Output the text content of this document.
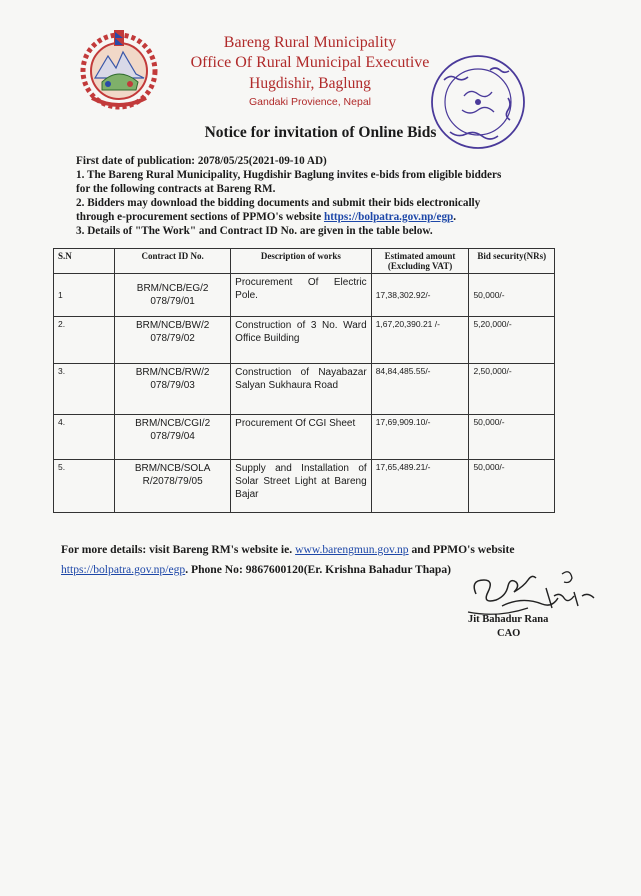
Bareng Rural Municipality
Office Of Rural Municipal Executive
Hugdishir, Baglung
Gandaki Provience, Nepal
Notice for invitation of Online Bids
First date of publication: 2078/05/25(2021-09-10 AD)
1. The Bareng Rural Municipality, Hugdishir Baglung invites e-bids from eligible bidders
for the following contracts at Bareng RM.
2. Bidders may download the bidding documents and submit their bids electronically
through e-procurement sections of PPMO's website https://bolpatra.gov.np/egp.
3. Details of "The Work" and Contract ID No. are given in the table below.
S.N	Contract ID No.	Description of works	Estimated amount (Excluding VAT)	Bid security(NRs)
1	BRM/NCB/EG/2 078/79/01	Procurement Of Electric Pole.	17,38,302.92/-	50,000/-
2.	BRM/NCB/BW/2 078/79/02	Construction of 3 No. Ward Office Building	1,67,20,390.21 /-	5,20,000/-
3.	BRM/NCB/RW/2 078/79/03	Construction of Nayabazar Salyan Sukhaura Road	84,84,485.55/-	2,50,000/-
4.	BRM/NCB/CGI/2 078/79/04	Procurement Of CGI Sheet	17,69,909.10/-	50,000/-
5.	BRM/NCB/SOLA R/2078/79/05	Supply and Installation of Solar Street Light at Bareng Bajar	17,65,489.21/-	50,000/-
For more details: visit Bareng RM's website ie. www.barengmun.gov.np and PPMO's website
https://bolpatra.gov.np/egp. Phone No: 9867600120(Er. Krishna Bahadur Thapa)
Jit Bahadur Rana
CAO
